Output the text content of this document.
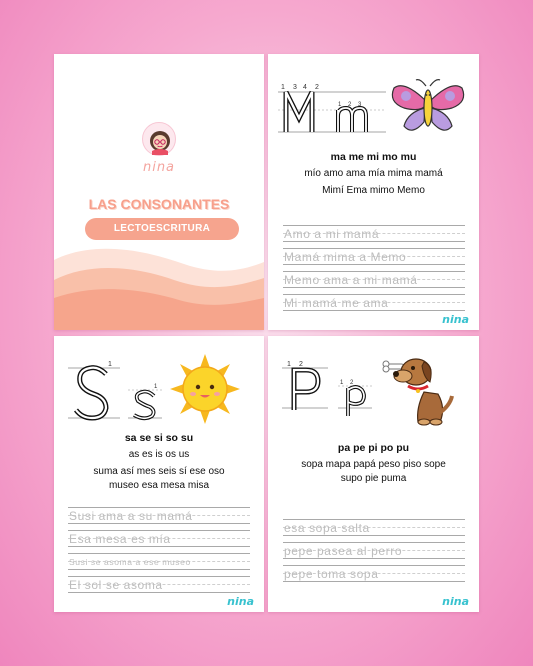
nina
LAS CONSONANTES
LECTOESCRITURA
1 3 4 2
1 2 3
ma me mi mo mu
mío amo ama mía mima mamá
Mimí Ema mimo Memo
Amo a mi mamá
Mamá mima a Memo
Memo ama a mi mamá
Mi mamá me ama
nina
1
1
sa se si so su
as es is os us
suma así mes seis sí ese oso
museo esa mesa misa
Susi ama a su mamá
Esa mesa es mía
Susi se asoma a ese museo
El sol se asoma
nina
1 2
1 2
pa pe pi po pu
sopa mapa papá peso piso sope
supo pie puma
esa sopa salta
pepe pasea al perro
pepe toma sopa
nina
